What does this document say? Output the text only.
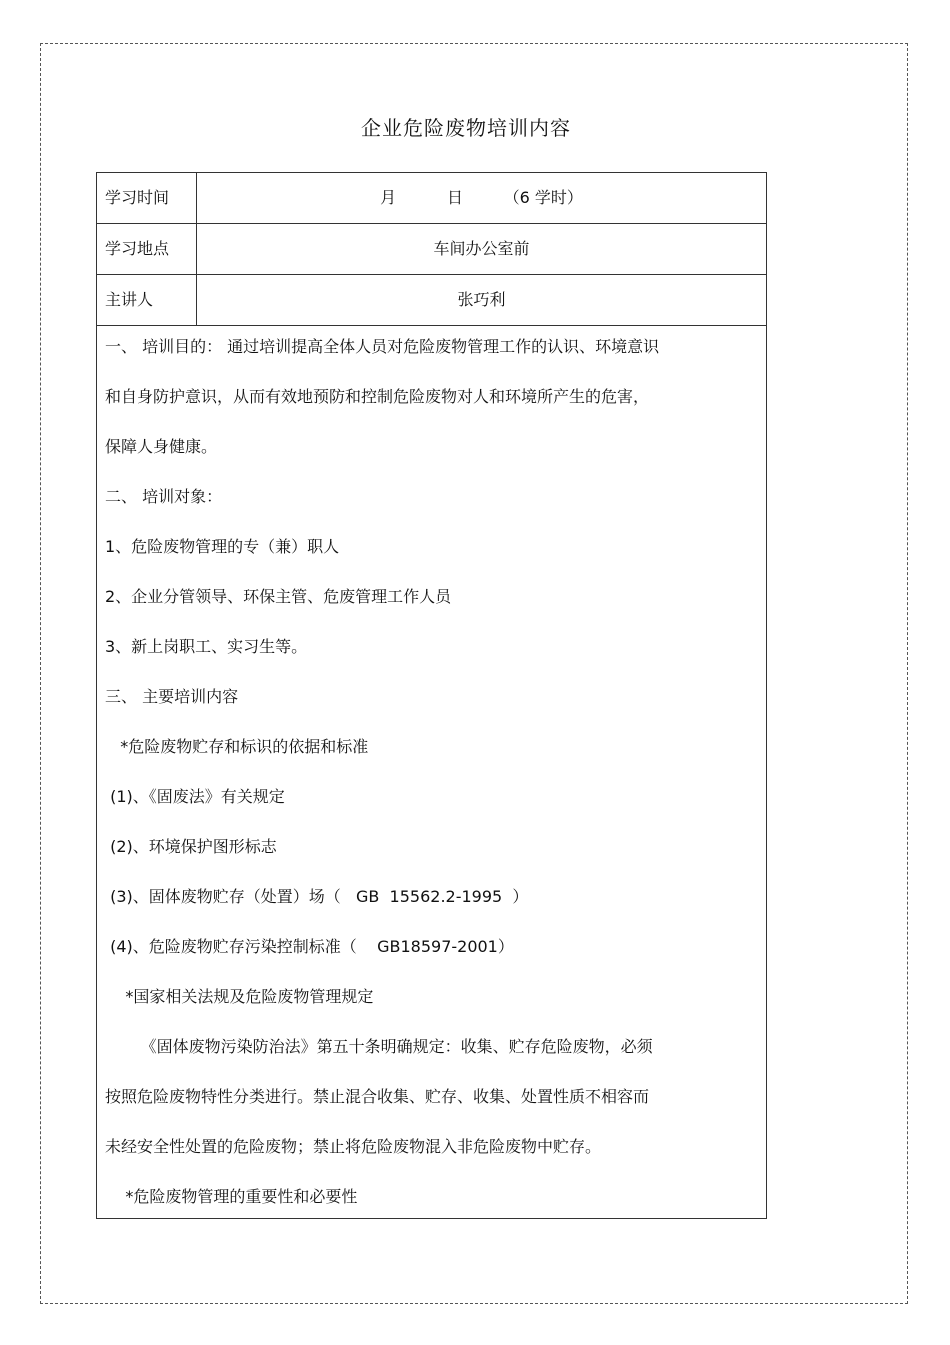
企业危险废物培训内容
学习时间	月          日        （6 学时）
学习地点	车间办公室前
主讲人	张巧利
一、 培训目的： 通过培训提高全体人员对危险废物管理工作的认识、环境意识
和自身防护意识，从而有效地预防和控制危险废物对人和环境所产生的危害，
保障人身健康。
二、 培训对象：
1、危险废物管理的专（兼）职人
2、企业分管领导、环保主管、危废管理工作人员
3、新上岗职工、实习生等。
三、 主要培训内容
*危险废物贮存和标识的依据和标准
(1)、《固废法》有关规定
(2)、环境保护图形标志
(3)、固体废物贮存（处置）场（   GB  15562.2-1995  ）
(4)、危险废物贮存污染控制标准（    GB18597-2001）
*国家相关法规及危险废物管理规定
《固体废物污染防治法》第五十条明确规定：收集、贮存危险废物，必须
按照危险废物特性分类进行。禁止混合收集、贮存、收集、处置性质不相容而
未经安全性处置的危险废物；禁止将危险废物混入非危险废物中贮存。
*危险废物管理的重要性和必要性
